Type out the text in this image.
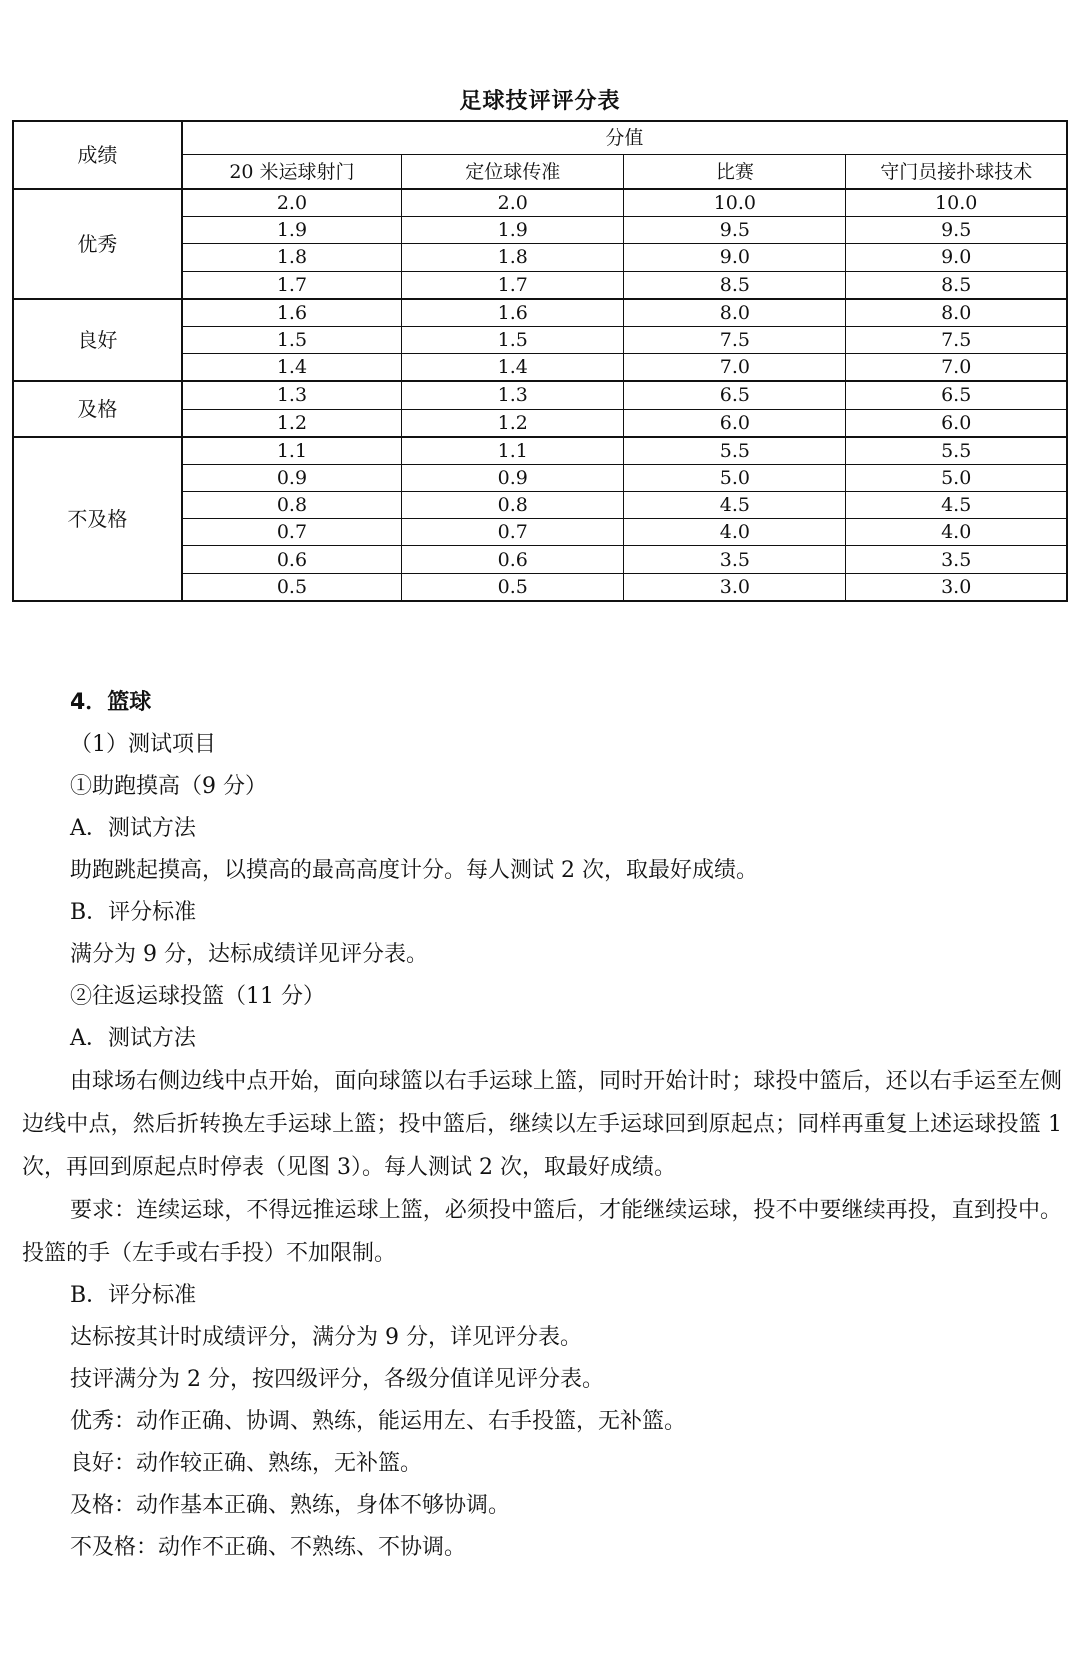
足球技评评分表
成绩	分值			
	20 米运球射门	定位球传准	比赛	守门员接扑球技术
优秀	2.0	2.0	10.0	10.0
	1.9	1.9	9.5	9.5
	1.8	1.8	9.0	9.0
	1.7	1.7	8.5	8.5
良好	1.6	1.6	8.0	8.0
	1.5	1.5	7.5	7.5
	1.4	1.4	7.0	7.0
及格	1.3	1.3	6.5	6.5
	1.2	1.2	6.0	6.0
不及格	1.1	1.1	5.5	5.5
	0.9	0.9	5.0	5.0
	0.8	0.8	4.5	4.5
	0.7	0.7	4.0	4.0
	0.6	0.6	3.5	3.5
	0.5	0.5	3.0	3.0

4．篮球

（1）测试项目

①助跑摸高（9 分）

A．测试方法

助跑跳起摸高，以摸高的最高高度计分。每人测试 2 次，取最好成绩。

B．评分标准

满分为 9 分，达标成绩详见评分表。

②往返运球投篮（11 分）

A．测试方法

由球场右侧边线中点开始，面向球篮以右手运球上篮，同时开始计时；球投中篮后，还以右手运至左侧边线中点，然后折转换左手运球上篮；投中篮后，继续以左手运球回到原起点；同样再重复上述运球投篮 1 次，再回到原起点时停表（见图 3）。每人测试 2 次，取最好成绩。

要求：连续运球，不得远推运球上篮，必须投中篮后，才能继续运球，投不中要继续再投，直到投中。投篮的手（左手或右手投）不加限制。

B．评分标准

达标按其计时成绩评分，满分为 9 分，详见评分表。

技评满分为 2 分，按四级评分，各级分值详见评分表。

优秀：动作正确、协调、熟练，能运用左、右手投篮，无补篮。

良好：动作较正确、熟练，无补篮。

及格：动作基本正确、熟练，身体不够协调。

不及格：动作不正确、不熟练、不协调。
